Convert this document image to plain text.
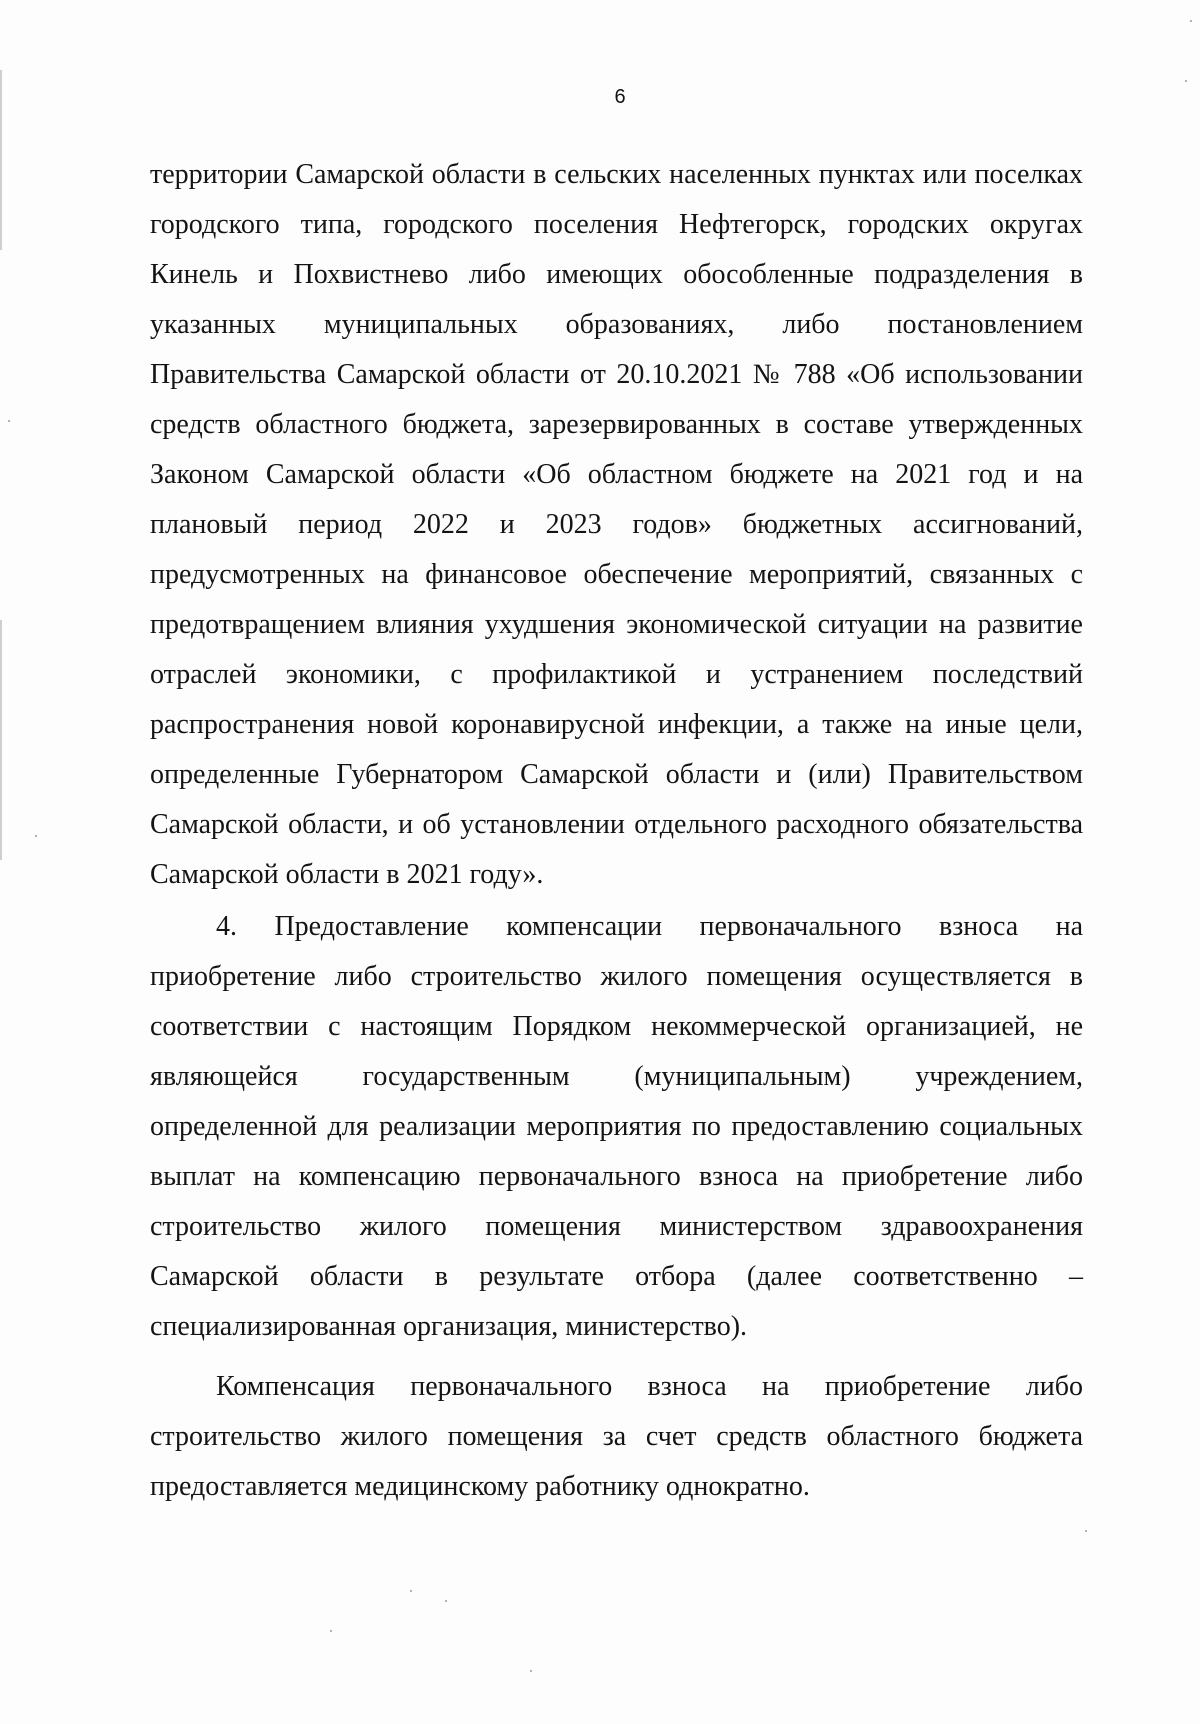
6

территории Самарской области в сельских населенных пунктах или поселках городского типа, городского поселения Нефтегорск, городских округах Кинель и Похвистнево либо имеющих обособленные подразделения в указанных муниципальных образованиях, либо постановлением Правительства Самарской области от 20.10.2021 № 788 «Об использовании средств областного бюджета, зарезервированных в составе утвержденных Законом Самарской области «Об областном бюджете на 2021 год и на плановый период 2022 и 2023 годов» бюджетных ассигнований, предусмотренных на финансовое обеспечение мероприятий, связанных с предотвращением влияния ухудшения экономической ситуации на развитие отраслей экономики, с профилактикой и устранением последствий распространения новой коронавирусной инфекции, а также на иные цели, определенные Губернатором Самарской области и (или) Правительством Самарской области, и об установлении отдельного расходного обязательства Самарской области в 2021 году».

4. Предоставление компенсации первоначального взноса на приобретение либо строительство жилого помещения осуществляется в соответствии с настоящим Порядком некоммерческой организацией, не являющейся государственным (муниципальным) учреждением, определенной для реализации мероприятия по предоставлению социальных выплат на компенсацию первоначального взноса на приобретение либо строительство жилого помещения министерством здравоохранения Самарской области в результате отбора (далее соответственно – специализированная организация, министерство).

Компенсация первоначального взноса на приобретение либо строительство жилого помещения за счет средств областного бюджета предоставляется медицинскому работнику однократно.
